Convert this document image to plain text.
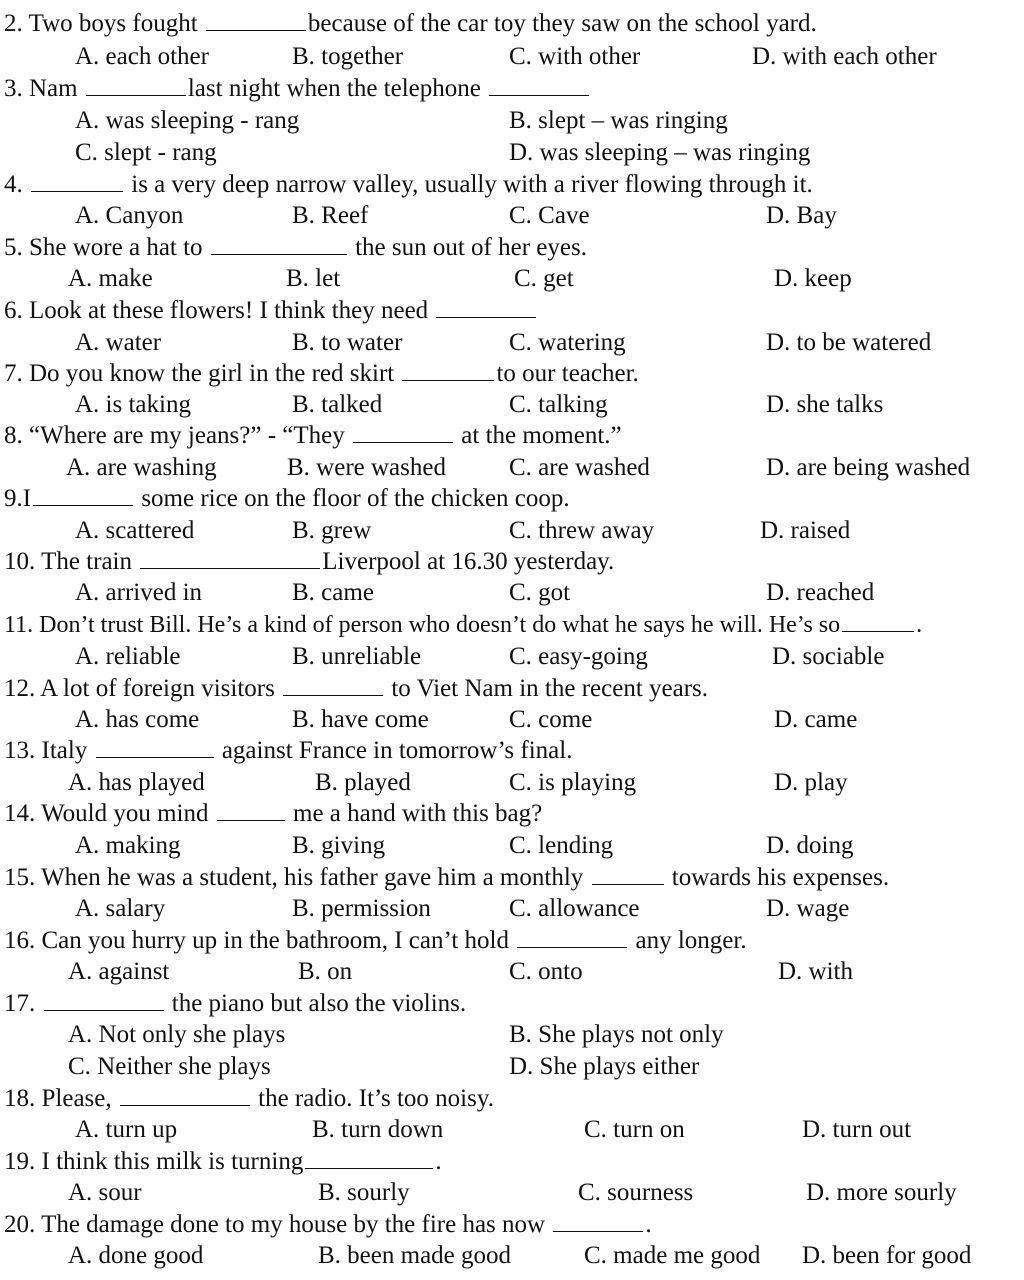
2. Two boys fought	because of the car toy they saw on the school yard.
A. each other	B. together	C. with other	D. with each other
3. Nam	last night when the telephone
A. was sleeping - rang	B. slept – was ringing
C. slept - rang	D. was sleeping – was ringing
4.	is a very deep narrow valley, usually with a river flowing through it.
A. Canyon	B. Reef	C. Cave	D. Bay
5. She wore a hat to	the sun out of her eyes.
A. make	B. let	C. get	D. keep
6. Look at these flowers! I think they need
A. water	B. to water	C. watering	D. to be watered
7. Do you know the girl in the red skirt	to our teacher.
A. is taking	B. talked	C. talking	D. she talks
8. “Where are my jeans?” - “They	at the moment.”
A. are washing	B. were washed	C. are washed	D. are being washed
9.I	some rice on the floor of the chicken coop.
A. scattered	B. grew	C. threw away	D. raised
10. The train	Liverpool at 16.30 yesterday.
A. arrived in	B. came	C. got	D. reached
11. Don’t trust Bill. He’s a kind of person who doesn’t do what he says he will. He’s so	.
A. reliable	B. unreliable	C. easy-going	D. sociable
12. A lot of foreign visitors	to Viet Nam in the recent years.
A. has come	B. have come	C. come	D. came
13. Italy	against France in tomorrow’s final.
A. has played	B. played	C. is playing	D. play
14. Would you mind	me a hand with this bag?
A. making	B. giving	C. lending	D. doing
15. When he was a student, his father gave him a monthly	towards his expenses.
A. salary	B. permission	C. allowance	D. wage
16. Can you hurry up in the bathroom, I can’t hold	any longer.
A. against	B. on	C. onto	D. with
17.	the piano but also the violins.
A. Not only she plays	B. She plays not only
C. Neither she plays	D. She plays either
18. Please,	the radio. It’s too noisy.
A. turn up	B. turn down	C. turn on	D. turn out
19. I think this milk is turning	.
A. sour	B. sourly	C. sourness	D. more sourly
20. The damage done to my house by the fire has now	.
A. done good	B. been made good	C. made me good D. been for good
